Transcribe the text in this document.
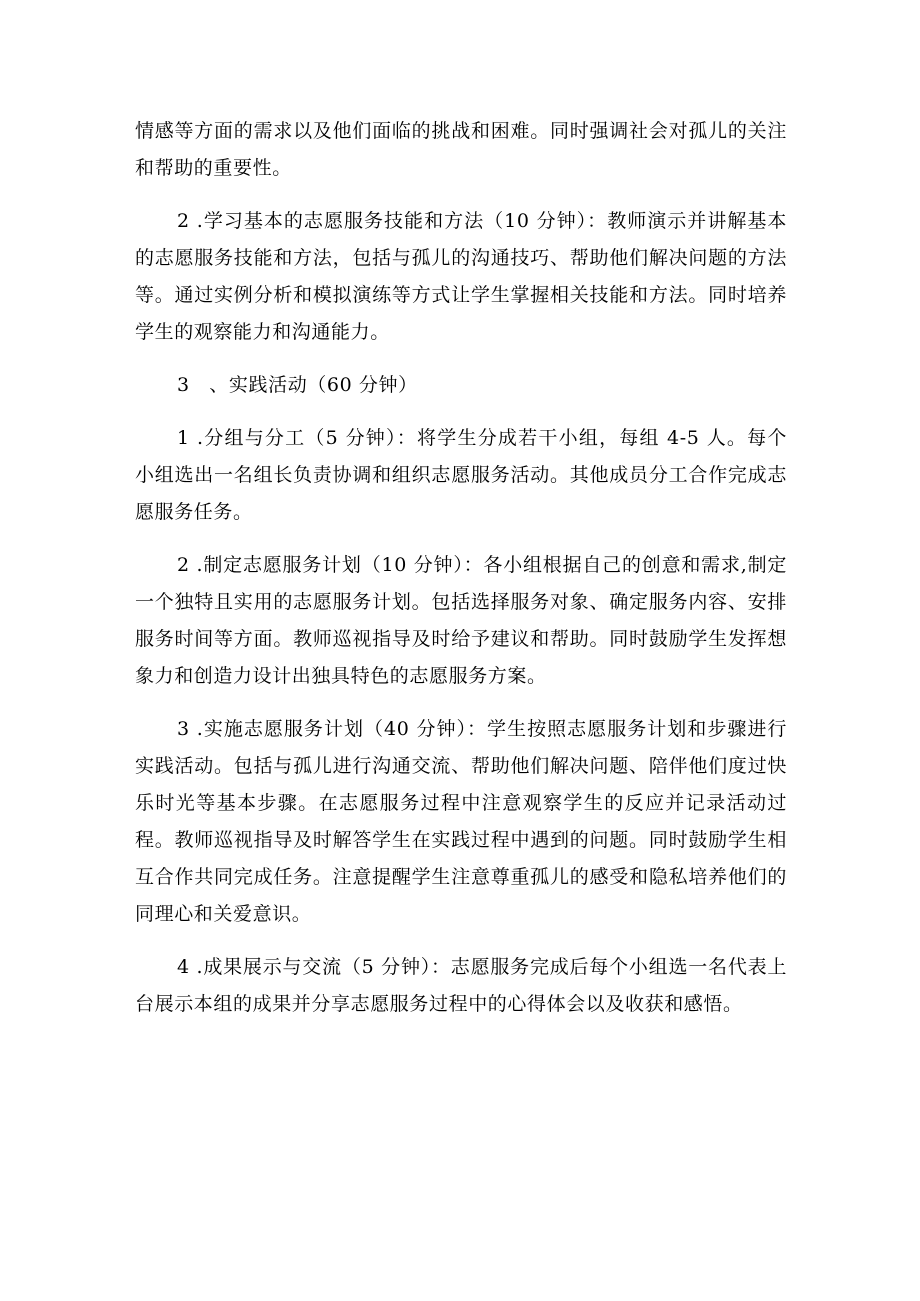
情感等方面的需求以及他们面临的挑战和困难。同时强调社会对孤儿的关注和帮助的重要性。

2 .学习基本的志愿服务技能和方法（10 分钟）：教师演示并讲解基本的志愿服务技能和方法，包括与孤儿的沟通技巧、帮助他们解决问题的方法等。通过实例分析和模拟演练等方式让学生掌握相关技能和方法。同时培养学生的观察能力和沟通能力。

3　、实践活动（60 分钟）

1 .分组与分工（5 分钟）：将学生分成若干小组，每组 4-5 人。每个小组选出一名组长负责协调和组织志愿服务活动。其他成员分工合作完成志愿服务任务。

2 .制定志愿服务计划（10 分钟）：各小组根据自己的创意和需求,制定一个独特且实用的志愿服务计划。包括选择服务对象、确定服务内容、安排服务时间等方面。教师巡视指导及时给予建议和帮助。同时鼓励学生发挥想象力和创造力设计出独具特色的志愿服务方案。

3 .实施志愿服务计划（40 分钟）：学生按照志愿服务计划和步骤进行实践活动。包括与孤儿进行沟通交流、帮助他们解决问题、陪伴他们度过快乐时光等基本步骤。在志愿服务过程中注意观察学生的反应并记录活动过程。教师巡视指导及时解答学生在实践过程中遇到的问题。同时鼓励学生相互合作共同完成任务。注意提醒学生注意尊重孤儿的感受和隐私培养他们的同理心和关爱意识。

4 .成果展示与交流（5 分钟）：志愿服务完成后每个小组选一名代表上台展示本组的成果并分享志愿服务过程中的心得体会以及收获和感悟。
